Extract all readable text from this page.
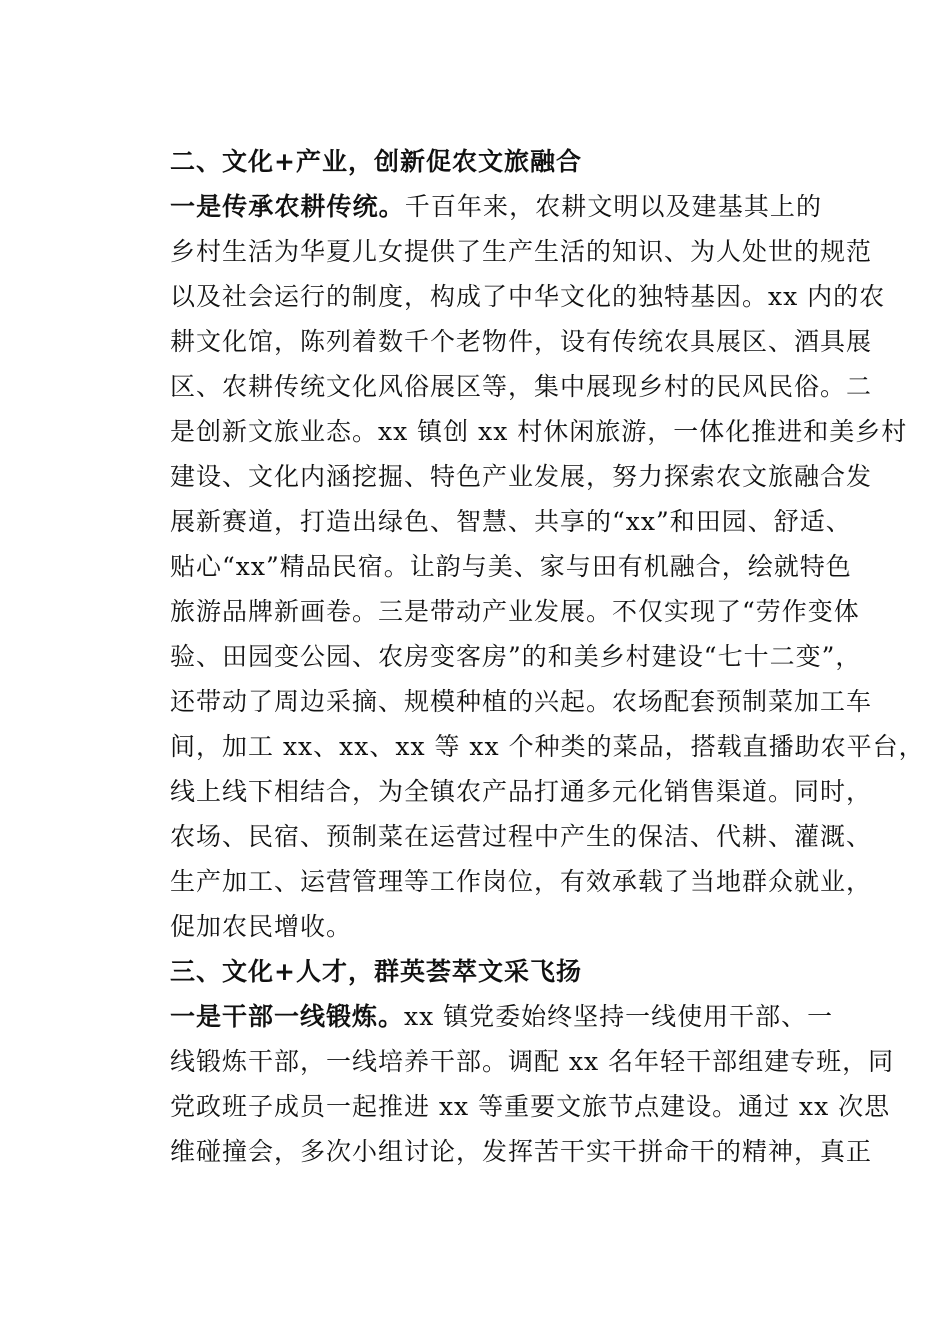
二、文化+产业，创新促农文旅融合

一是传承农耕传统。千百年来，农耕文明以及建基其上的
乡村生活为华夏儿女提供了生产生活的知识、为人处世的规范
以及社会运行的制度，构成了中华文化的独特基因。xx 内的农
耕文化馆，陈列着数千个老物件，设有传统农具展区、酒具展
区、农耕传统文化风俗展区等，集中展现乡村的民风民俗。二
是创新文旅业态。xx 镇创 xx 村休闲旅游，一体化推进和美乡村
建设、文化内涵挖掘、特色产业发展，努力探索农文旅融合发
展新赛道，打造出绿色、智慧、共享的“xx”和田园、舒适、
贴心“xx”精品民宿。让韵与美、家与田有机融合，绘就特色
旅游品牌新画卷。三是带动产业发展。不仅实现了“劳作变体
验、田园变公园、农房变客房”的和美乡村建设“七十二变”，
还带动了周边采摘、规模种植的兴起。农场配套预制菜加工车
间，加工 xx、xx、xx 等 xx 个种类的菜品，搭载直播助农平台，
线上线下相结合，为全镇农产品打通多元化销售渠道。同时，
农场、民宿、预制菜在运营过程中产生的保洁、代耕、灌溉、
生产加工、运营管理等工作岗位，有效承载了当地群众就业，
促加农民增收。

三、文化+人才，群英荟萃文采飞扬

一是干部一线锻炼。xx 镇党委始终坚持一线使用干部、一
线锻炼干部，一线培养干部。调配 xx 名年轻干部组建专班，同
党政班子成员一起推进 xx 等重要文旅节点建设。通过 xx 次思
维碰撞会，多次小组讨论，发挥苦干实干拼命干的精神，真正
